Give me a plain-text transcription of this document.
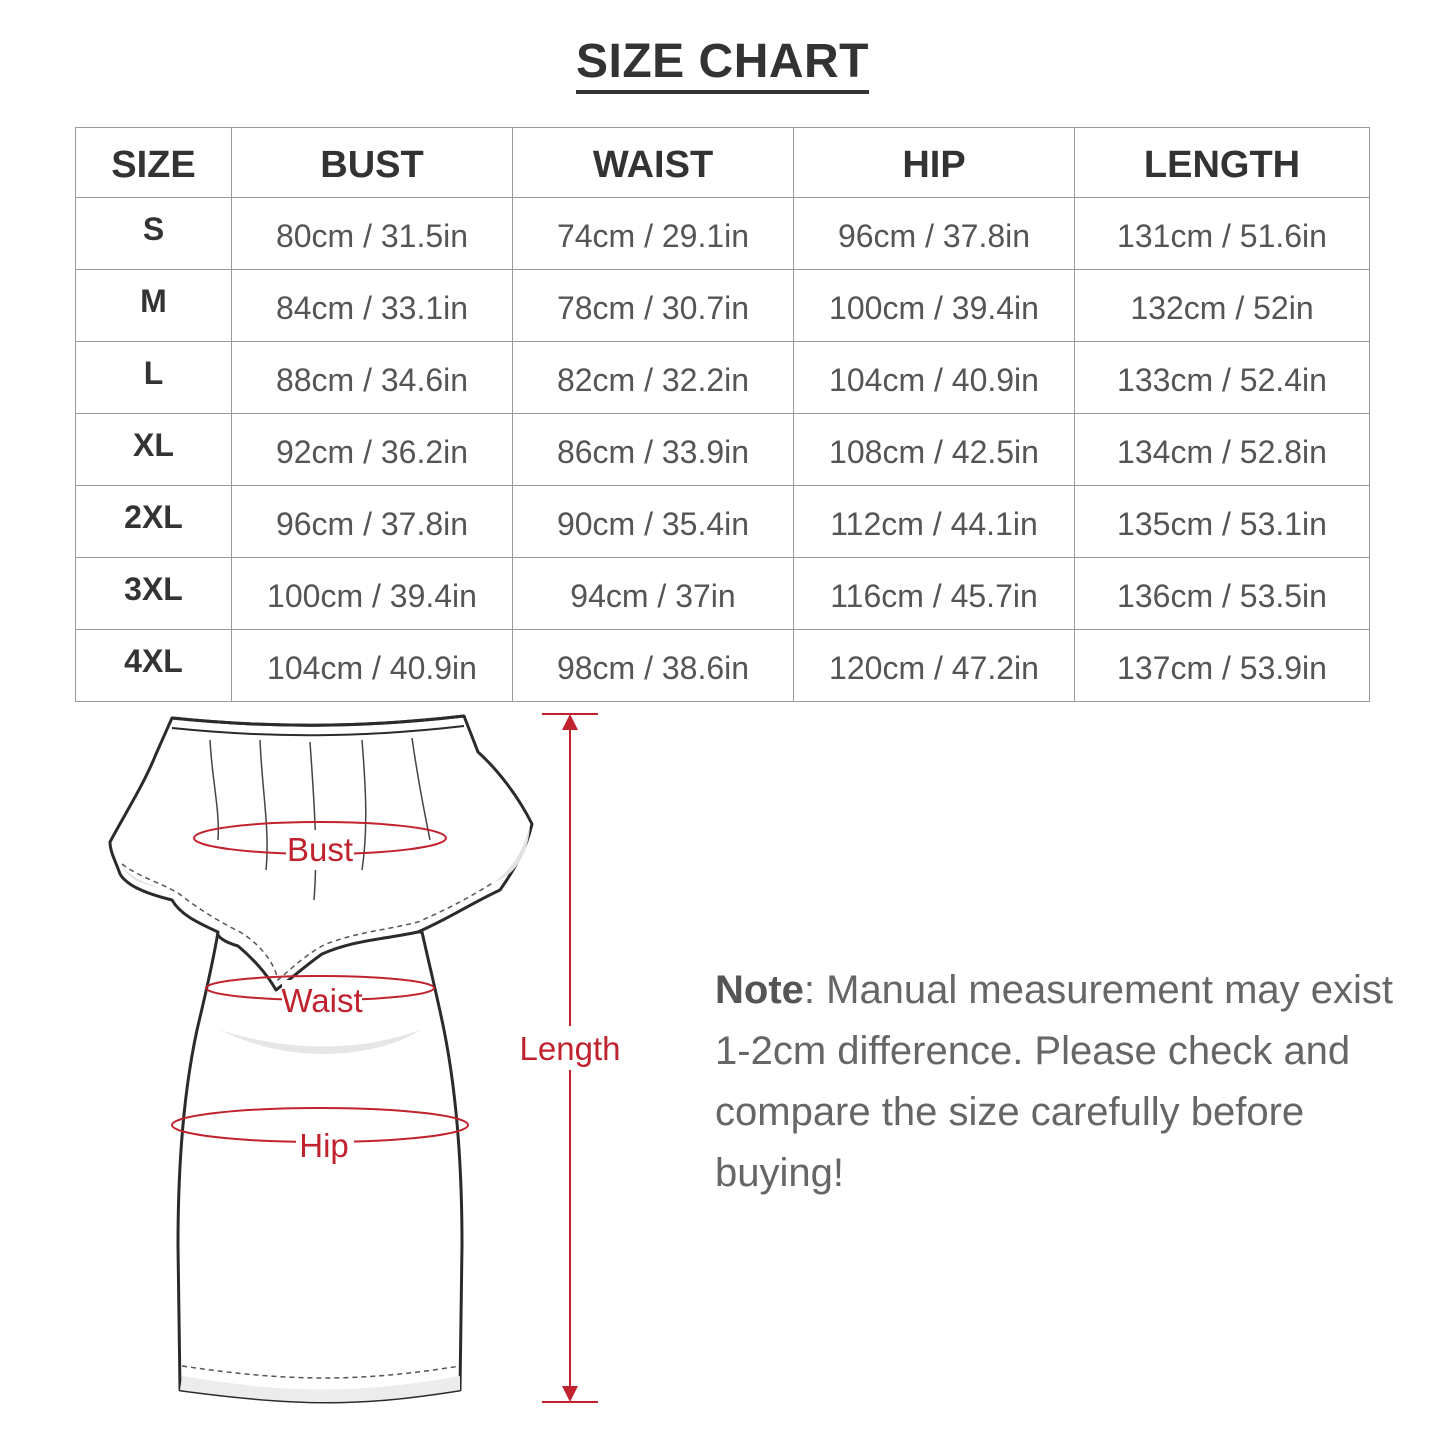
SIZE CHART
SIZE	BUST	WAIST	HIP	LENGTH
S	80cm / 31.5in	74cm / 29.1in	96cm / 37.8in	131cm / 51.6in
M	84cm / 33.1in	78cm / 30.7in	100cm / 39.4in	132cm / 52in
L	88cm / 34.6in	82cm / 32.2in	104cm / 40.9in	133cm / 52.4in
XL	92cm / 36.2in	86cm / 33.9in	108cm / 42.5in	134cm / 52.8in
2XL	96cm / 37.8in	90cm / 35.4in	112cm / 44.1in	135cm / 53.1in
3XL	100cm / 39.4in	94cm / 37in	116cm / 45.7in	136cm / 53.5in
4XL	104cm / 40.9in	98cm / 38.6in	120cm / 47.2in	137cm / 53.9in
Bust
Waist
Hip
Length
Note: Manual measurement may exist 1-2cm difference. Please check and compare the size carefully before buying!
